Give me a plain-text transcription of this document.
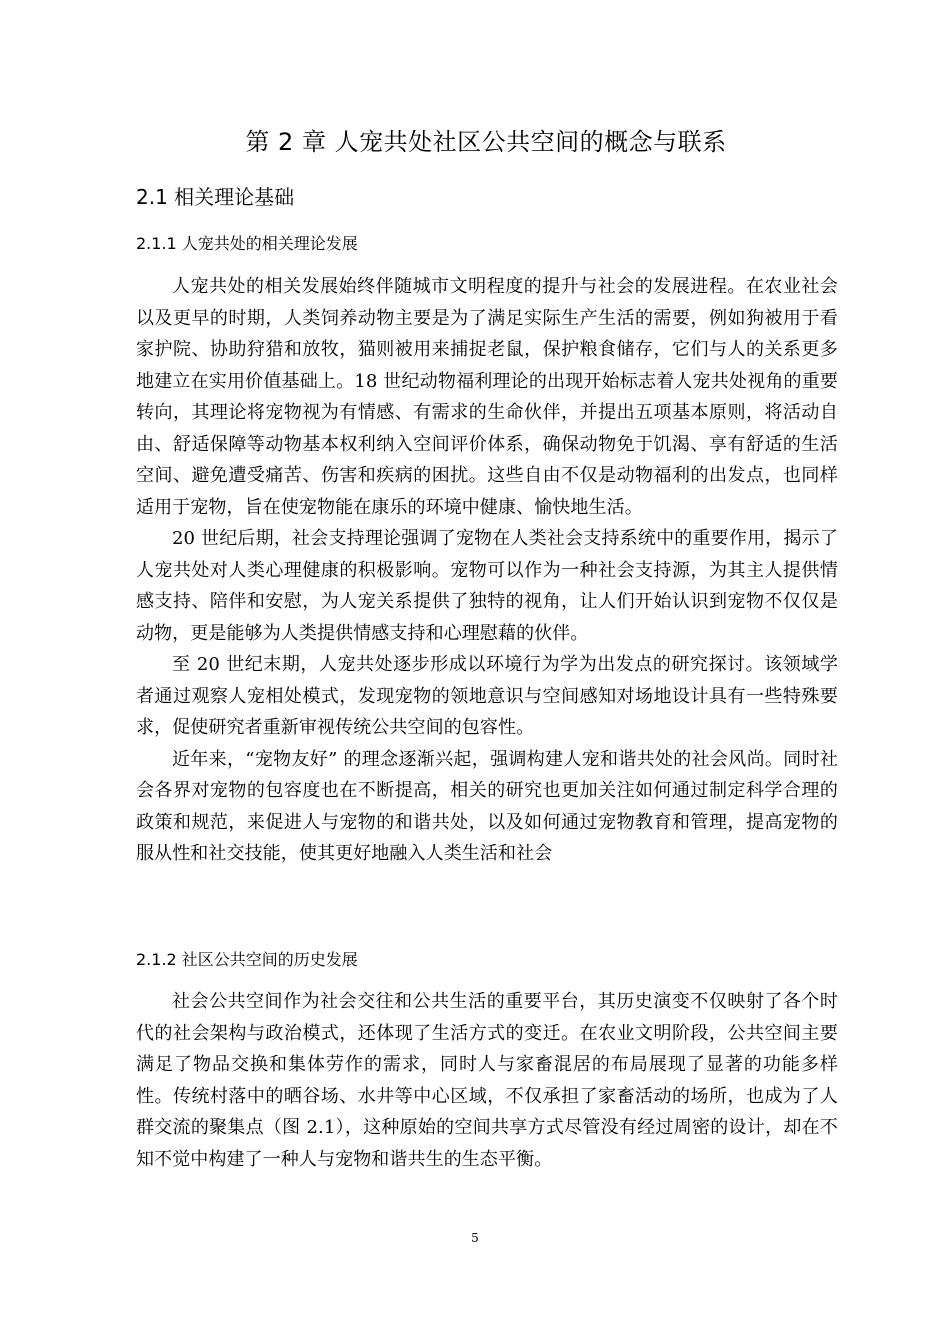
第 2 章 人宠共处社区公共空间的概念与联系
2.1 相关理论基础
2.1.1 人宠共处的相关理论发展

人宠共处的相关发展始终伴随城市文明程度的提升与社会的发展进程。在农业社会以及更早的时期，人类饲养动物主要是为了满足实际生产生活的需要，例如狗被用于看家护院、协助狩猎和放牧，猫则被用来捕捉老鼠，保护粮食储存，它们与人的关系更多地建立在实用价值基础上。18 世纪动物福利理论的出现开始标志着人宠共处视角的重要转向，其理论将宠物视为有情感、有需求的生命伙伴，并提出五项基本原则，将活动自由、舒适保障等动物基本权利纳入空间评价体系，确保动物免于饥渴、享有舒适的生活空间、避免遭受痛苦、伤害和疾病的困扰。这些自由不仅是动物福利的出发点，也同样适用于宠物，旨在使宠物能在康乐的环境中健康、愉快地生活。

20 世纪后期，社会支持理论强调了宠物在人类社会支持系统中的重要作用，揭示了人宠共处对人类心理健康的积极影响。宠物可以作为一种社会支持源，为其主人提供情感支持、陪伴和安慰，为人宠关系提供了独特的视角，让人们开始认识到宠物不仅仅是动物，更是能够为人类提供情感支持和心理慰藉的伙伴。

至 20 世纪末期，人宠共处逐步形成以环境行为学为出发点的研究探讨。该领域学者通过观察人宠相处模式，发现宠物的领地意识与空间感知对场地设计具有一些特殊要求，促使研究者重新审视传统公共空间的包容性。

近年来，“宠物友好” 的理念逐渐兴起，强调构建人宠和谐共处的社会风尚。同时社会各界对宠物的包容度也在不断提高，相关的研究也更加关注如何通过制定科学合理的政策和规范，来促进人与宠物的和谐共处，以及如何通过宠物教育和管理，提高宠物的服从性和社交技能，使其更好地融入人类生活和社会

2.1.2 社区公共空间的历史发展

社会公共空间作为社会交往和公共生活的重要平台，其历史演变不仅映射了各个时代的社会架构与政治模式，还体现了生活方式的变迁。在农业文明阶段，公共空间主要满足了物品交换和集体劳作的需求，同时人与家畜混居的布局展现了显著的功能多样性。传统村落中的晒谷场、水井等中心区域，不仅承担了家畜活动的场所，也成为了人群交流的聚集点（图 2.1），这种原始的空间共享方式尽管没有经过周密的设计，却在不知不觉中构建了一种人与宠物和谐共生的生态平衡。

5
